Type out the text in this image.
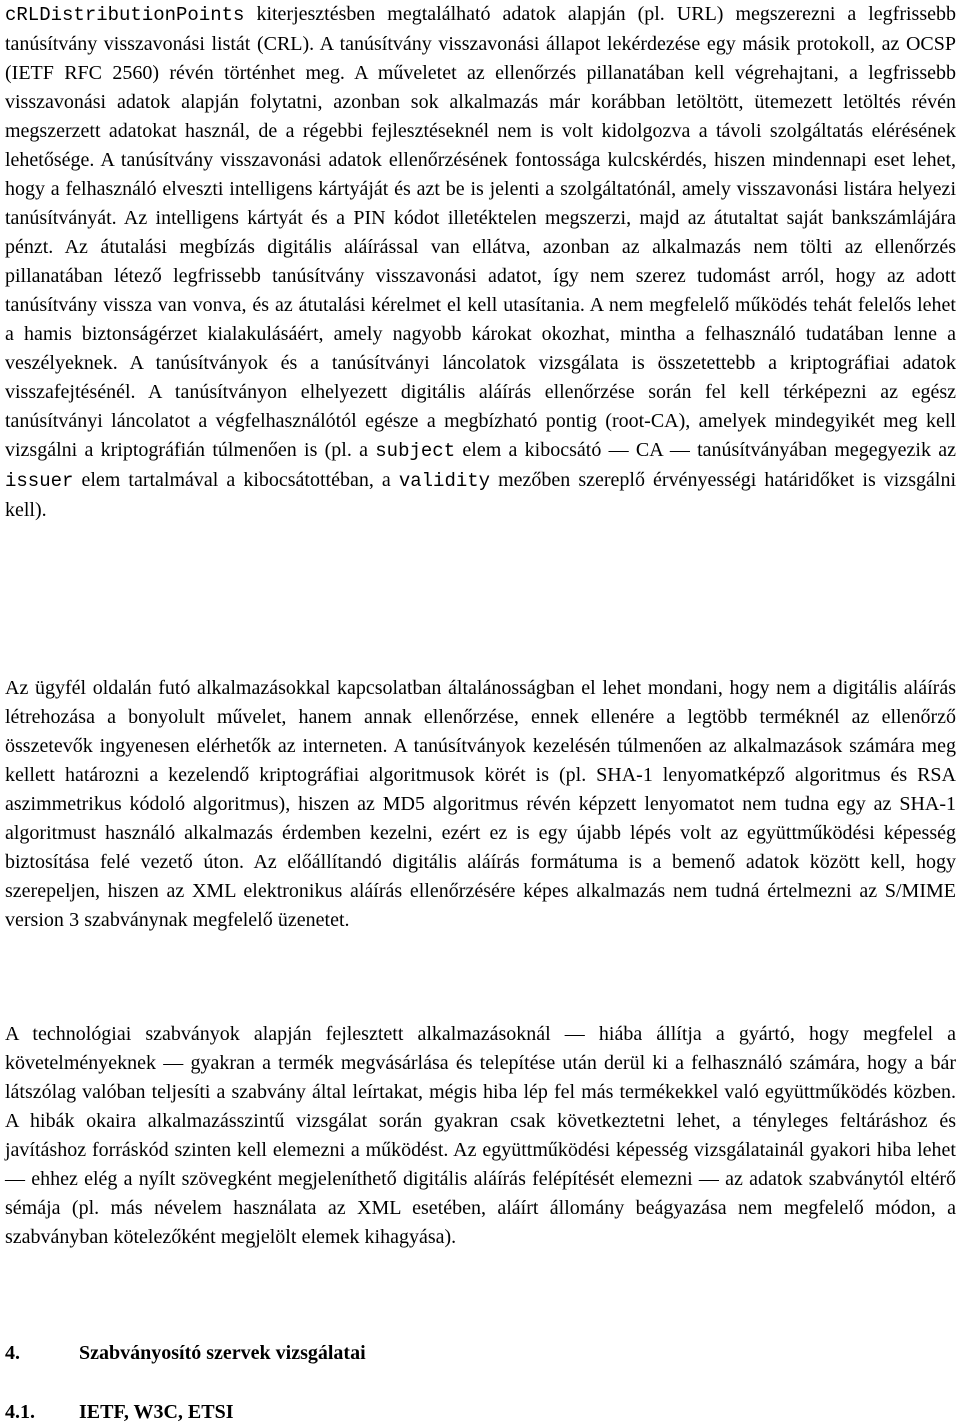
cRLDistributionPoints kiterjesztésben megtalálható adatok alapján (pl. URL) megszerezni a legfrissebb tanúsítvány visszavonási listát (CRL). A tanúsítvány visszavonási állapot lekérdezése egy másik protokoll, az OCSP (IETF RFC 2560) révén történhet meg. A műveletet az ellenőrzés pillanatában kell végrehajtani, a legfrissebb visszavonási adatok alapján folytatni, azonban sok alkalmazás már korábban letöltött, ütemezett letöltés révén megszerzett adatokat használ, de a régebbi fejlesztéseknél nem is volt kidolgozva a távoli szolgáltatás elérésének lehetősége. A tanúsítvány visszavonási adatok ellenőrzésének fontossága kulcskérdés, hiszen mindennapi eset lehet, hogy a felhasználó elveszti intelligens kártyáját és azt be is jelenti a szolgáltatónál, amely visszavonási listára helyezi tanúsítványát. Az intelligens kártyát és a PIN kódot illetéktelen megszerzi, majd az átutaltat saját bankszámlájára pénzt. Az átutalási megbízás digitális aláírással van ellátva, azonban az alkalmazás nem tölti az ellenőrzés pillanatában létező legfrissebb tanúsítvány visszavonási adatot, így nem szerez tudomást arról, hogy az adott tanúsítvány vissza van vonva, és az átutalási kérelmet el kell utasítania. A nem megfelelő működés tehát felelős lehet a hamis biztonságérzet kialakulásáért, amely nagyobb károkat okozhat, mintha a felhasználó tudatában lenne a veszélyeknek. A tanúsítványok és a tanúsítványi láncolatok vizsgálata is összetettebb a kriptográfiai adatok visszafejtésénél. A tanúsítványon elhelyezett digitális aláírás ellenőrzése során fel kell térképezni az egész tanúsítványi láncolatot a végfelhasználótól egésze a megbízható pontig (root-CA), amelyek mindegyikét meg kell vizsgálni a kriptográfián túlmenően is (pl. a subject elem a kibocsátó — CA — tanúsítványában megegyezik az issuer elem tartalmával a kibocsátottéban, a validity mezőben szereplő érvényességi határidőket is vizsgálni kell).

Az ügyfél oldalán futó alkalmazásokkal kapcsolatban általánosságban el lehet mondani, hogy nem a digitális aláírás létrehozása a bonyolult művelet, hanem annak ellenőrzése, ennek ellenére a legtöbb terméknél az ellenőrző összetevők ingyenesen elérhetők az interneten. A tanúsítványok kezelésén túlmenően az alkalmazások számára meg kellett határozni a kezelendő kriptográfiai algoritmusok körét is (pl. SHA-1 lenyomatképző algoritmus és RSA aszimmetrikus kódoló algoritmus), hiszen az MD5 algoritmus révén képzett lenyomatot nem tudna egy az SHA-1 algoritmust használó alkalmazás érdemben kezelni, ezért ez is egy újabb lépés volt az együttműködési képesség biztosítása felé vezető úton. Az előállítandó digitális aláírás formátuma is a bemenő adatok között kell, hogy szerepeljen, hiszen az XML elektronikus aláírás ellenőrzésére képes alkalmazás nem tudná értelmezni az S/MIME version 3 szabványnak megfelelő üzenetet.

A technológiai szabványok alapján fejlesztett alkalmazásoknál — hiába állítja a gyártó, hogy megfelel a követelményeknek — gyakran a termék megvásárlása és telepítése után derül ki a felhasználó számára, hogy a bár látszólag valóban teljesíti a szabvány által leírtakat, mégis hiba lép fel más termékekkel való együttműködés közben. A hibák okaira alkalmazásszintű vizsgálat során gyakran csak következtetni lehet, a tényleges feltáráshoz és javításhoz forráskód szinten kell elemezni a működést. Az együttműködési képesség vizsgálatainál gyakori hiba lehet — ehhez elég a nyílt szövegként megjeleníthető digitális aláírás felépítését elemezni — az adatok szabványtól eltérő sémája (pl. más névelem használata az XML esetében, aláírt állomány beágyazása nem megfelelő módon, a szabványban kötelezőként megjelölt elemek kihagyása).

4.	Szabványosító szervek vizsgálatai
4.1.	IETF, W3C, ETSI
